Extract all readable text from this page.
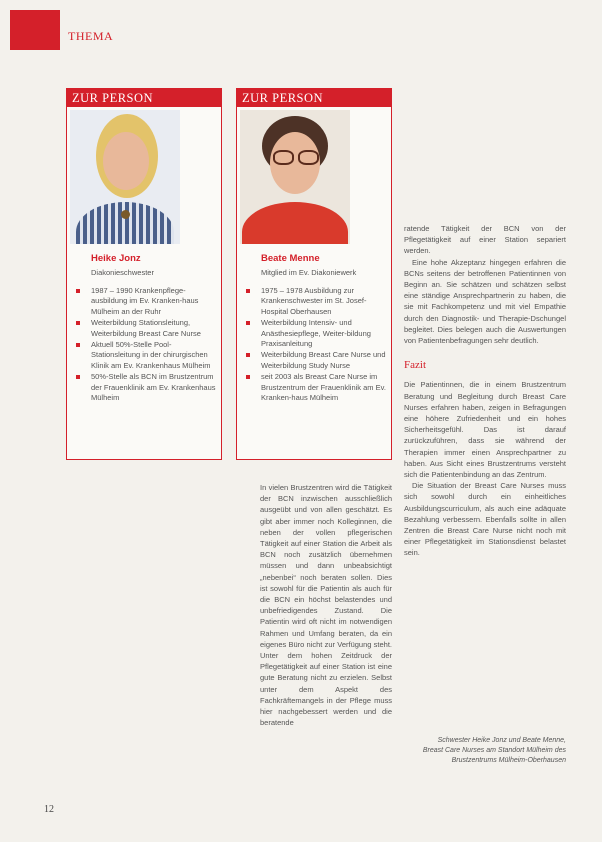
THEMA
ZUR PERSON
Heike Jonz
Diakonieschwester
1987 – 1990 Krankenpflege-ausbildung im Ev. Kranken-haus Mülheim an der Ruhr
Weiterbildung Stationsleitung, Weiterbildung Breast Care Nurse
Aktuell 50%-Stelle Pool-Stationsleitung in der chirurgischen Klinik am Ev. Krankenhaus Mülheim
50%-Stelle als BCN im Brustzentrum der Frauenklinik am Ev. Krankenhaus Mülheim
ZUR PERSON
Beate Menne
Mitglied im Ev. Diakoniewerk
1975 – 1978 Ausbildung zur Krankenschwester im St. Josef-Hospital Oberhausen
Weiterbildung Intensiv- und Anästhesiepflege, Weiter-bildung Praxisanleitung
Weiterbildung Breast Care Nurse und Weiterbildung Study Nurse
seit 2003 als Breast Care Nurse im Brustzentrum der Frauenklinik am Ev. Kranken-haus Mülheim

In vielen Brustzentren wird die Tätigkeit der BCN inzwischen ausschließlich ausgeübt und von allen geschätzt. Es gibt aber immer noch Kolleginnen, die neben der vollen pflegerischen Tätigkeit auf einer Station die Arbeit als BCN noch zusätzlich übernehmen müssen und dann unbeabsichtigt „nebenbei“ noch beraten sollen. Dies ist sowohl für die Patientin als auch für die BCN ein höchst belastendes und unbefriedigendes Zustand. Die Patientin wird oft nicht im notwendigen Rahmen und Umfang beraten, da ein eigenes Büro nicht zur Verfügung steht. Unter dem hohen Zeitdruck der Pflegetätigkeit auf einer Station ist eine gute Beratung nicht zu erzielen. Selbst unter dem Aspekt des Fachkräftemangels in der Pflege muss hier nachgebessert werden und die beratende

ratende Tätigkeit der BCN von der Pflegetätigkeit auf einer Station separiert werden.

Eine hohe Akzeptanz hingegen erfahren die BCNs seitens der betroffenen Patientinnen von Beginn an. Sie schätzen und schätzen selbst eine ständige Ansprechpartnerin zu haben, die sie mit Fachkompetenz und mit viel Empathie durch den Diagnostik- und Therapie-Dschungel begleitet. Dies belegen auch die Auswertungen von Patientenbefragungen sehr deutlich.

Fazit

Die Patientinnen, die in einem Brustzentrum Beratung und Begleitung durch Breast Care Nurses erfahren haben, zeigen in Befragungen eine höhere Zufriedenheit und ein hohes Sicherheitsgefühl. Das ist darauf zurückzuführen, dass sie während der Therapien immer einen Ansprechpartner zu haben. Aus Sicht eines Brustzentrums versteht sich die Patientenbindung an das Zentrum.

Die Situation der Breast Care Nurses muss sich sowohl durch ein einheitliches Ausbildungscurriculum, als auch eine adäquate Bezahlung verbessern. Ebenfalls sollte in allen Zentren die Breast Care Nurse nicht noch mit einer Pflegetätigkeit im Stationsdienst belastet sein.

Schwester Heike Jonz und Beate Menne, Breast Care Nurses am Standort Mülheim des Brustzentrums Mülheim-Oberhausen
12
